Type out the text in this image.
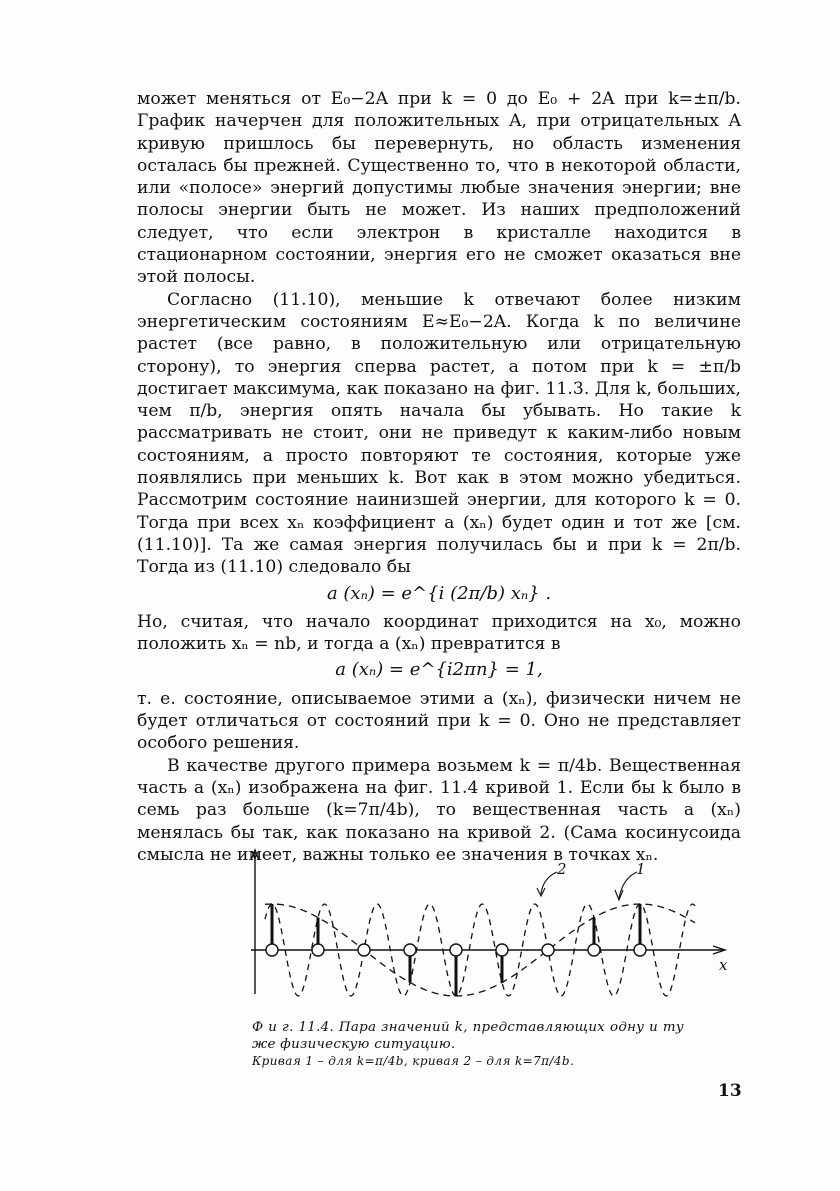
может меняться от E₀−2A при k = 0 до E₀ + 2A при k=±π/b. График начерчен для положительных A, при отрицательных A кривую пришлось бы перевернуть, но область изменения осталась бы прежней. Существенно то, что в некоторой области, или «полосе» энергий допустимы любые значения энергии; вне полосы энергии быть не может. Из наших предположений следует, что если электрон в кристалле находится в стационарном состоянии, энергия его не сможет оказаться вне этой полосы.

Согласно (11.10), меньшие k отвечают более низким энергетическим состояниям E≈E₀−2A. Когда k по величине растет (все равно, в положительную или отрицательную сторону), то энергия сперва растет, а потом при k = ±π/b достигает максимума, как показано на фиг. 11.3. Для k, больших, чем π/b, энергия опять начала бы убывать. Но такие k рассматривать не стоит, они не приведут к каким-либо новым состояниям, а просто повторяют те состояния, которые уже появлялись при меньших k. Вот как в этом можно убедиться. Рассмотрим состояние наинизшей энергии, для которого k = 0. Тогда при всех xₙ коэффициент a (xₙ) будет один и тот же [см. (11.10)]. Та же самая энергия получилась бы и при k = 2π/b. Тогда из (11.10) следовало бы

a (xₙ) = e^{i (2π/b) xₙ} .

Но, считая, что начало координат приходится на x₀, можно положить xₙ = nb, и тогда a (xₙ) превратится в

a (xₙ) = e^{i2πn} = 1,

т. е. состояние, описываемое этими a (xₙ), физически ничем не будет отличаться от состояний при k = 0. Оно не представляет особого решения.

В качестве другого примера возьмем k = π/4b. Вещественная часть a (xₙ) изображена на фиг. 11.4 кривой 1. Если бы k было в семь раз больше (k=7π/4b), то вещественная часть a (xₙ) менялась бы так, как показано на кривой 2. (Сама косинусоида смысла не имеет, важны только ее значения в точках xₙ.

2	1
x
Ф и г. 11.4. Пара значений k, представляющих одну и ту же физическую ситуацию.
Кривая 1 – для k=π/4b, кривая 2 – для k=7π/4b.
13
